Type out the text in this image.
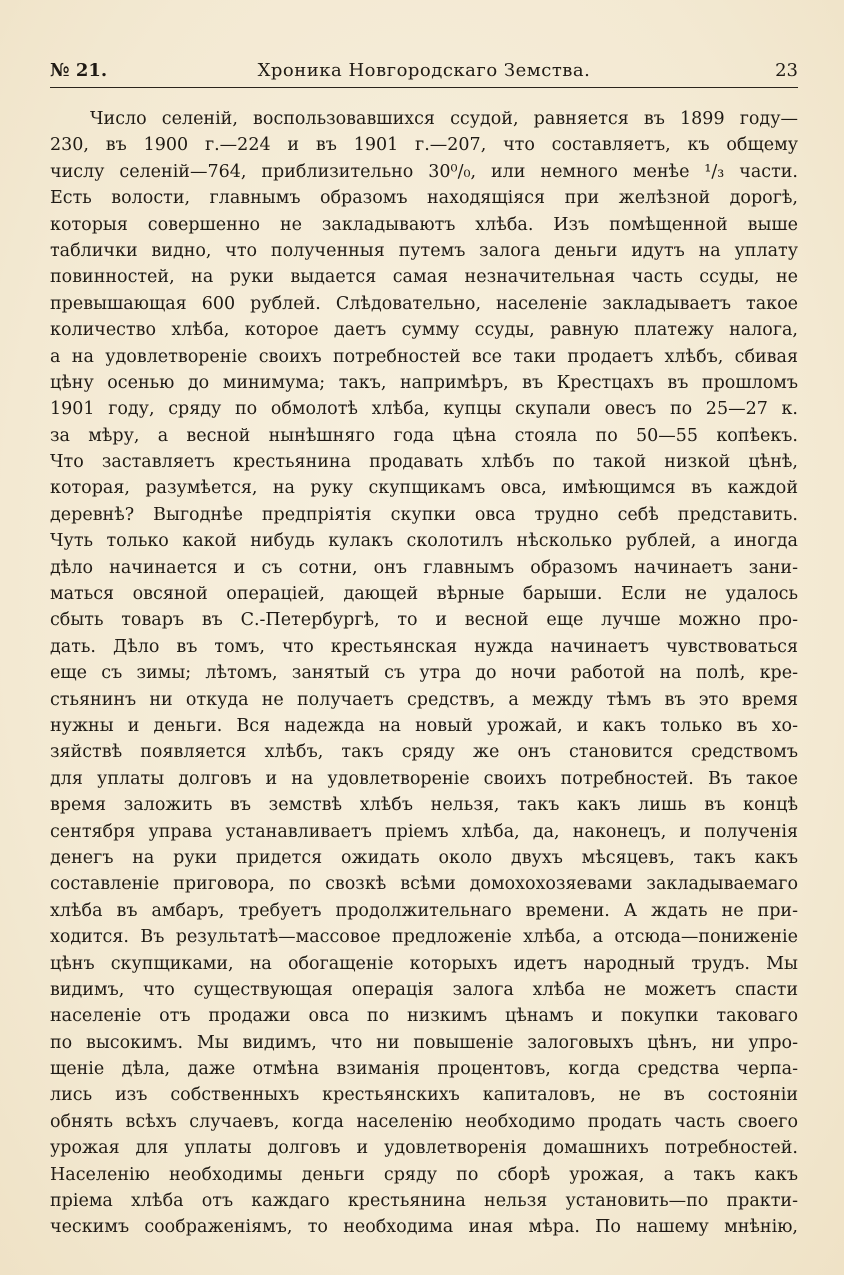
№ 21.	Хроника Новгородскаго Земства.	23
Число селеній, воспользовавшихся ссудой, равняется въ 1899 году—
230, въ 1900 г.—224 и въ 1901 г.—207, что составляетъ, къ общему
числу селеній—764, приблизительно 30⁰/₀, или немного менѣе ¹/₃ части.
Есть волости, главнымъ образомъ находящіяся при желѣзной дорогѣ,
которыя совершенно не закладываютъ хлѣба. Изъ помѣщенной выше
таблички видно, что полученныя путемъ залога деньги идутъ на уплату
повинностей, на руки выдается самая незначительная часть ссуды, не
превышающая 600 рублей. Слѣдовательно, населеніе закладываетъ такое
количество хлѣба, которое даетъ сумму ссуды, равную платежу налога,
а на удовлетвореніе своихъ потребностей все таки продаетъ хлѣбъ, сбивая
цѣну осенью до минимума; такъ, напримѣръ, въ Крестцахъ въ прошломъ
1901 году, сряду по обмолотѣ хлѣба, купцы скупали овесъ по 25—27 к.
за мѣру, а весной нынѣшняго года цѣна стояла по 50—55 копѣекъ.
Что заставляетъ крестьянина продавать хлѣбъ по такой низкой цѣнѣ,
которая, разумѣется, на руку скупщикамъ овса, имѣющимся въ каждой
деревнѣ? Выгоднѣе предпріятія скупки овса трудно себѣ представить.
Чуть только какой нибудь кулакъ сколотилъ нѣсколько рублей, а иногда
дѣло начинается и съ сотни, онъ главнымъ образомъ начинаетъ зани-
маться овсяной операціей, дающей вѣрные барыши. Если не удалось
сбыть товаръ въ С.-Петербургѣ, то и весной еще лучше можно про-
дать. Дѣло въ томъ, что крестьянская нужда начинаетъ чувствоваться
еще съ зимы; лѣтомъ, занятый съ утра до ночи работой на полѣ, кре-
стьянинъ ни откуда не получаетъ средствъ, а между тѣмъ въ это время
нужны и деньги. Вся надежда на новый урожай, и какъ только въ хо-
зяйствѣ появляется хлѣбъ, такъ сряду же онъ становится средствомъ
для уплаты долговъ и на удовлетвореніе своихъ потребностей. Въ такое
время заложить въ земствѣ хлѣбъ нельзя, такъ какъ лишь въ концѣ
сентября управа устанавливаетъ пріемъ хлѣба, да, наконецъ, и полученія
денегъ на руки придется ожидать около двухъ мѣсяцевъ, такъ какъ
составленіе приговора, по свозкѣ всѣми домохохозяевами закладываемаго
хлѣба въ амбаръ, требуетъ продолжительнаго времени. А ждать не при-
ходится. Въ результатѣ—массовое предложеніе хлѣба, а отсюда—пониженіе
цѣнъ скупщиками, на обогащеніе которыхъ идетъ народный трудъ. Мы
видимъ, что существующая операція залога хлѣба не можетъ спасти
населеніе отъ продажи овса по низкимъ цѣнамъ и покупки таковаго
по высокимъ. Мы видимъ, что ни повышеніе залоговыхъ цѣнъ, ни упро-
щеніе дѣла, даже отмѣна взиманія процентовъ, когда средства черпа-
лись изъ собственныхъ крестьянскихъ капиталовъ, не въ состояніи
обнять всѣхъ случаевъ, когда населенію необходимо продать часть своего
урожая для уплаты долговъ и удовлетворенія домашнихъ потребностей.
Населенію необходимы деньги сряду по сборѣ урожая, а такъ какъ
пріема хлѣба отъ каждаго крестьянина нельзя установить—по практи-
ческимъ соображеніямъ, то необходима иная мѣра. По нашему мнѣнію,
